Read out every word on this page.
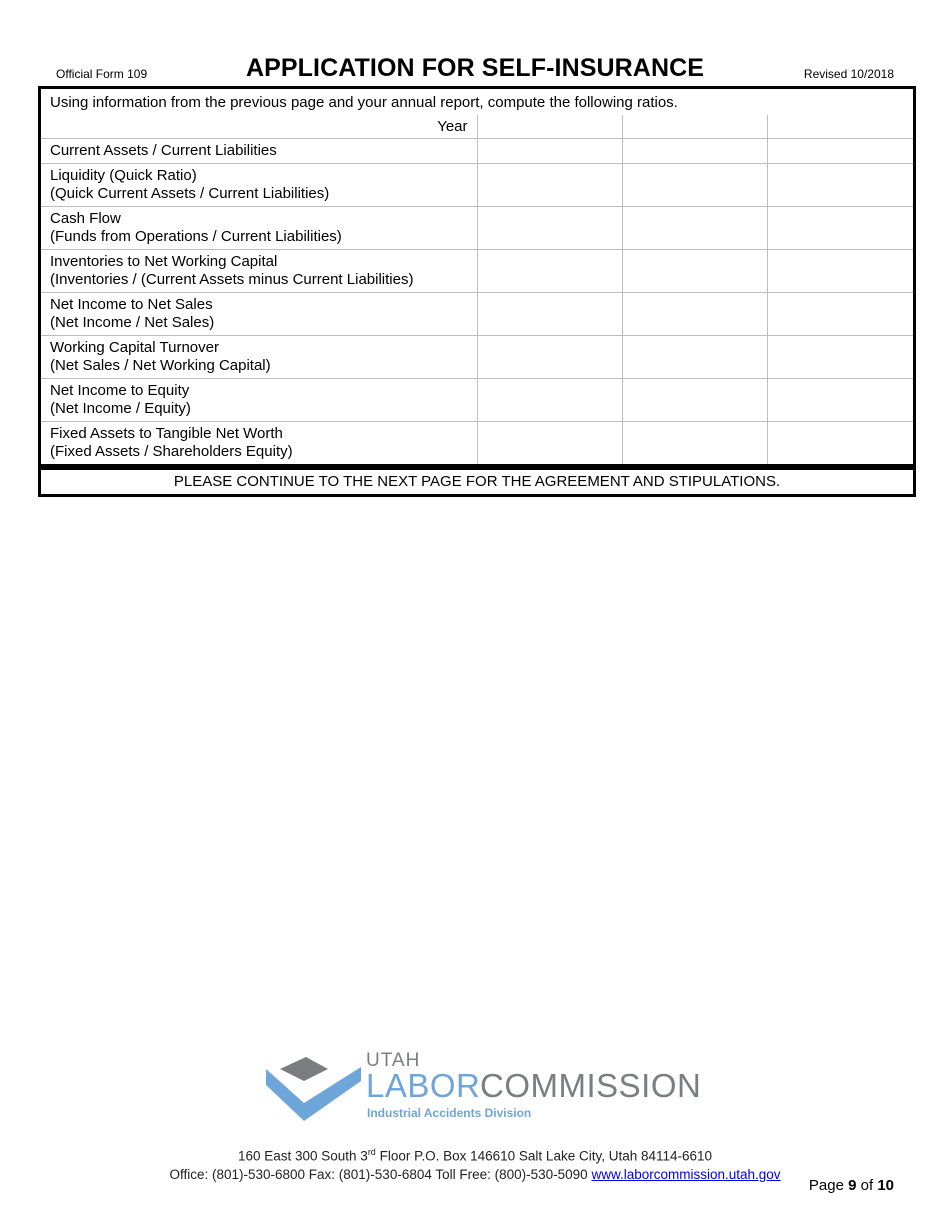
Official Form 109	APPLICATION FOR SELF-INSURANCE	Revised 10/2018
Using information from the previous page and your annual report, compute the following ratios.
Year			

Current Assets / Current Liabilities			

Liquidity (Quick Ratio)
(Quick Current Assets / Current Liabilities)			

Cash Flow
(Funds from Operations / Current Liabilities)			

Inventories to Net Working Capital
(Inventories / (Current Assets minus Current Liabilities)			

Net Income to Net Sales
(Net Income / Net Sales)			

Working Capital Turnover
(Net Sales / Net Working Capital)			

Net Income to Equity
(Net Income / Equity)			

Fixed Assets to Tangible Net Worth
(Fixed Assets / Shareholders Equity)			

PLEASE CONTINUE TO THE NEXT PAGE FOR THE AGREEMENT AND STIPULATIONS.
UTAH
LABOR COMMISSION
Industrial Accidents Division
160 East 300 South 3rd Floor P.O. Box 146610 Salt Lake City, Utah 84114-6610
Office: (801)-530-6800 Fax: (801)-530-6804 Toll Free: (800)-530-5090 www.laborcommission.utah.gov
Page 9 of 10
